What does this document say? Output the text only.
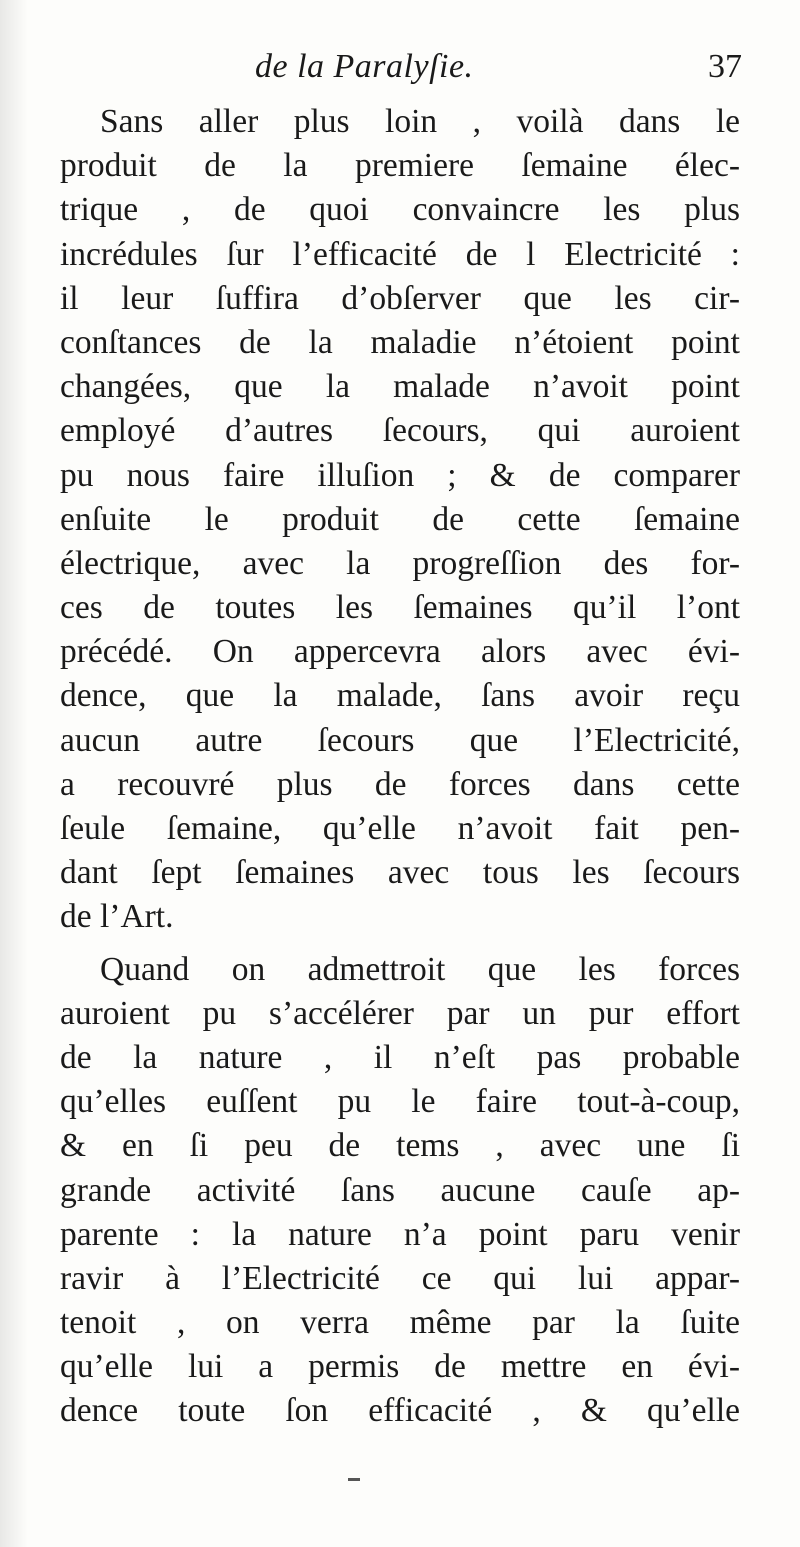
de la Paralyſie.	37
Sans aller plus loin , voilà dans le
produit de la premiere ſemaine élec-
trique , de quoi convaincre les plus
incrédules ſur l’efficacité de l Electricité :
il leur ſuffira d’obſerver que les cir-
conſtances de la maladie n’étoient point
changées, que la malade n’avoit point
employé d’autres ſecours, qui auroient
pu nous faire illuſion ; & de comparer
enſuite le produit de cette ſemaine
électrique, avec la progreſſion des for-
ces de toutes les ſemaines qu’il l’ont
précédé. On appercevra alors avec évi-
dence, que la malade, ſans avoir reçu
aucun autre ſecours que l’Electricité,
a recouvré plus de forces dans cette
ſeule ſemaine, qu’elle n’avoit fait pen-
dant ſept ſemaines avec tous les ſecours
de l’Art.
Quand on admettroit que les forces
auroient pu s’accélérer par un pur effort
de la nature , il n’eſt pas probable
qu’elles euſſent pu le faire tout-à-coup,
& en ſi peu de tems , avec une ſi
grande activité ſans aucune cauſe ap-
parente : la nature n’a point paru venir
ravir à l’Electricité ce qui lui appar-
tenoit , on verra même par la ſuite
qu’elle lui a permis de mettre en évi-
dence toute ſon efficacité , & qu’elle
